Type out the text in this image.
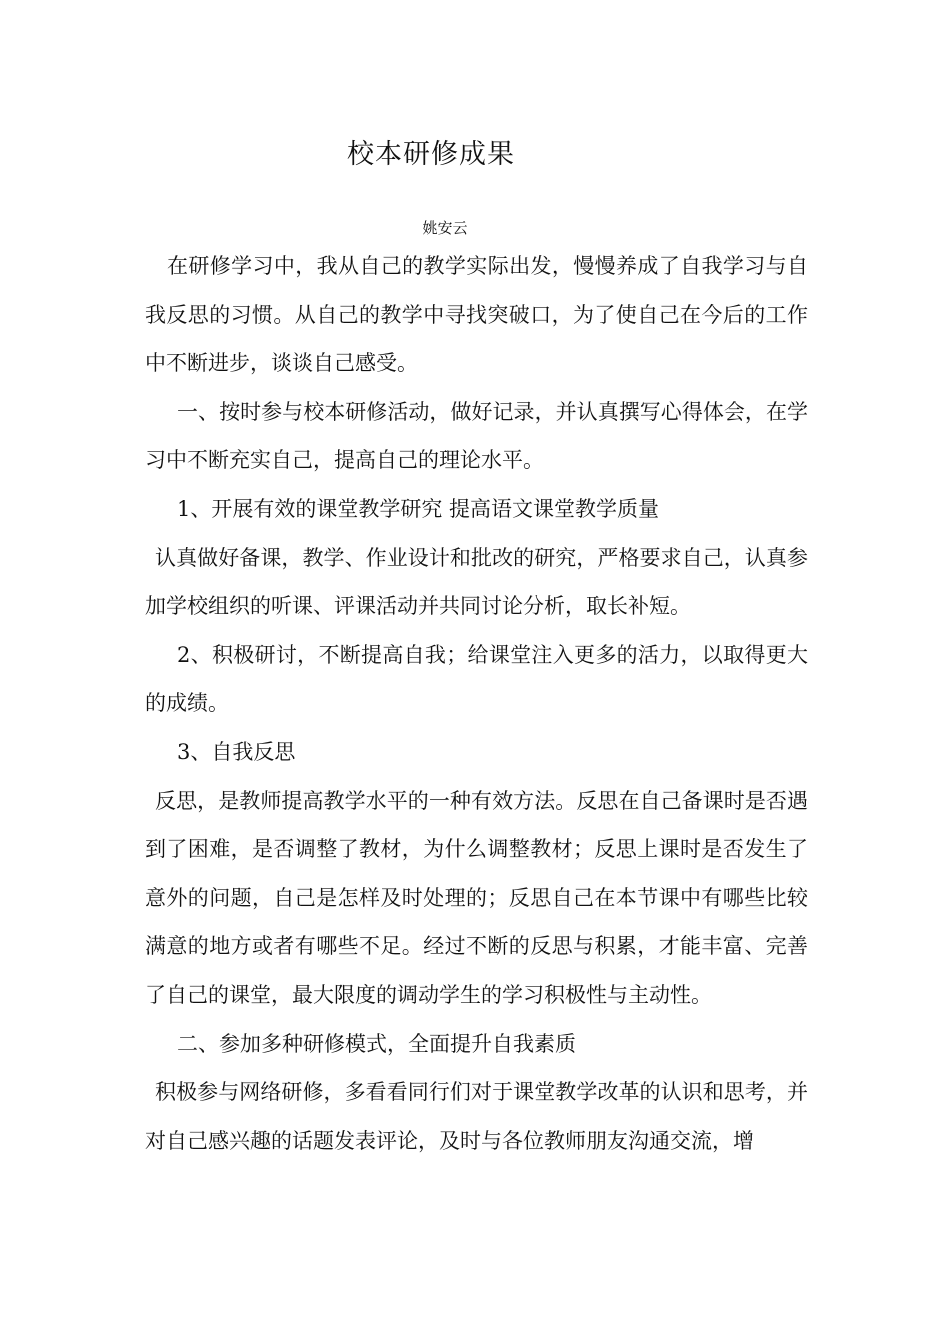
校本研修成果
姚安云

在研修学习中，我从自己的教学实际出发，慢慢养成了自我学习与自我反思的习惯。从自己的教学中寻找突破口，为了使自己在今后的工作中不断进步，谈谈自己感受。

一、按时参与校本研修活动，做好记录，并认真撰写心得体会，在学习中不断充实自己，提高自己的理论水平。

1、开展有效的课堂教学研究 提高语文课堂教学质量

认真做好备课，教学、作业设计和批改的研究，严格要求自己，认真参加学校组织的听课、评课活动并共同讨论分析，取长补短。

2、积极研讨，不断提高自我；给课堂注入更多的活力，以取得更大的成绩。

3、自我反思

反思，是教师提高教学水平的一种有效方法。反思在自己备课时是否遇到了困难，是否调整了教材，为什么调整教材；反思上课时是否发生了意外的问题，自己是怎样及时处理的；反思自己在本节课中有哪些比较满意的地方或者有哪些不足。经过不断的反思与积累，才能丰富、完善了自己的课堂，最大限度的调动学生的学习积极性与主动性。

二、参加多种研修模式，全面提升自我素质

积极参与网络研修，多看看同行们对于课堂教学改革的认识和思考，并对自己感兴趣的话题发表评论，及时与各位教师朋友沟通交流，增
